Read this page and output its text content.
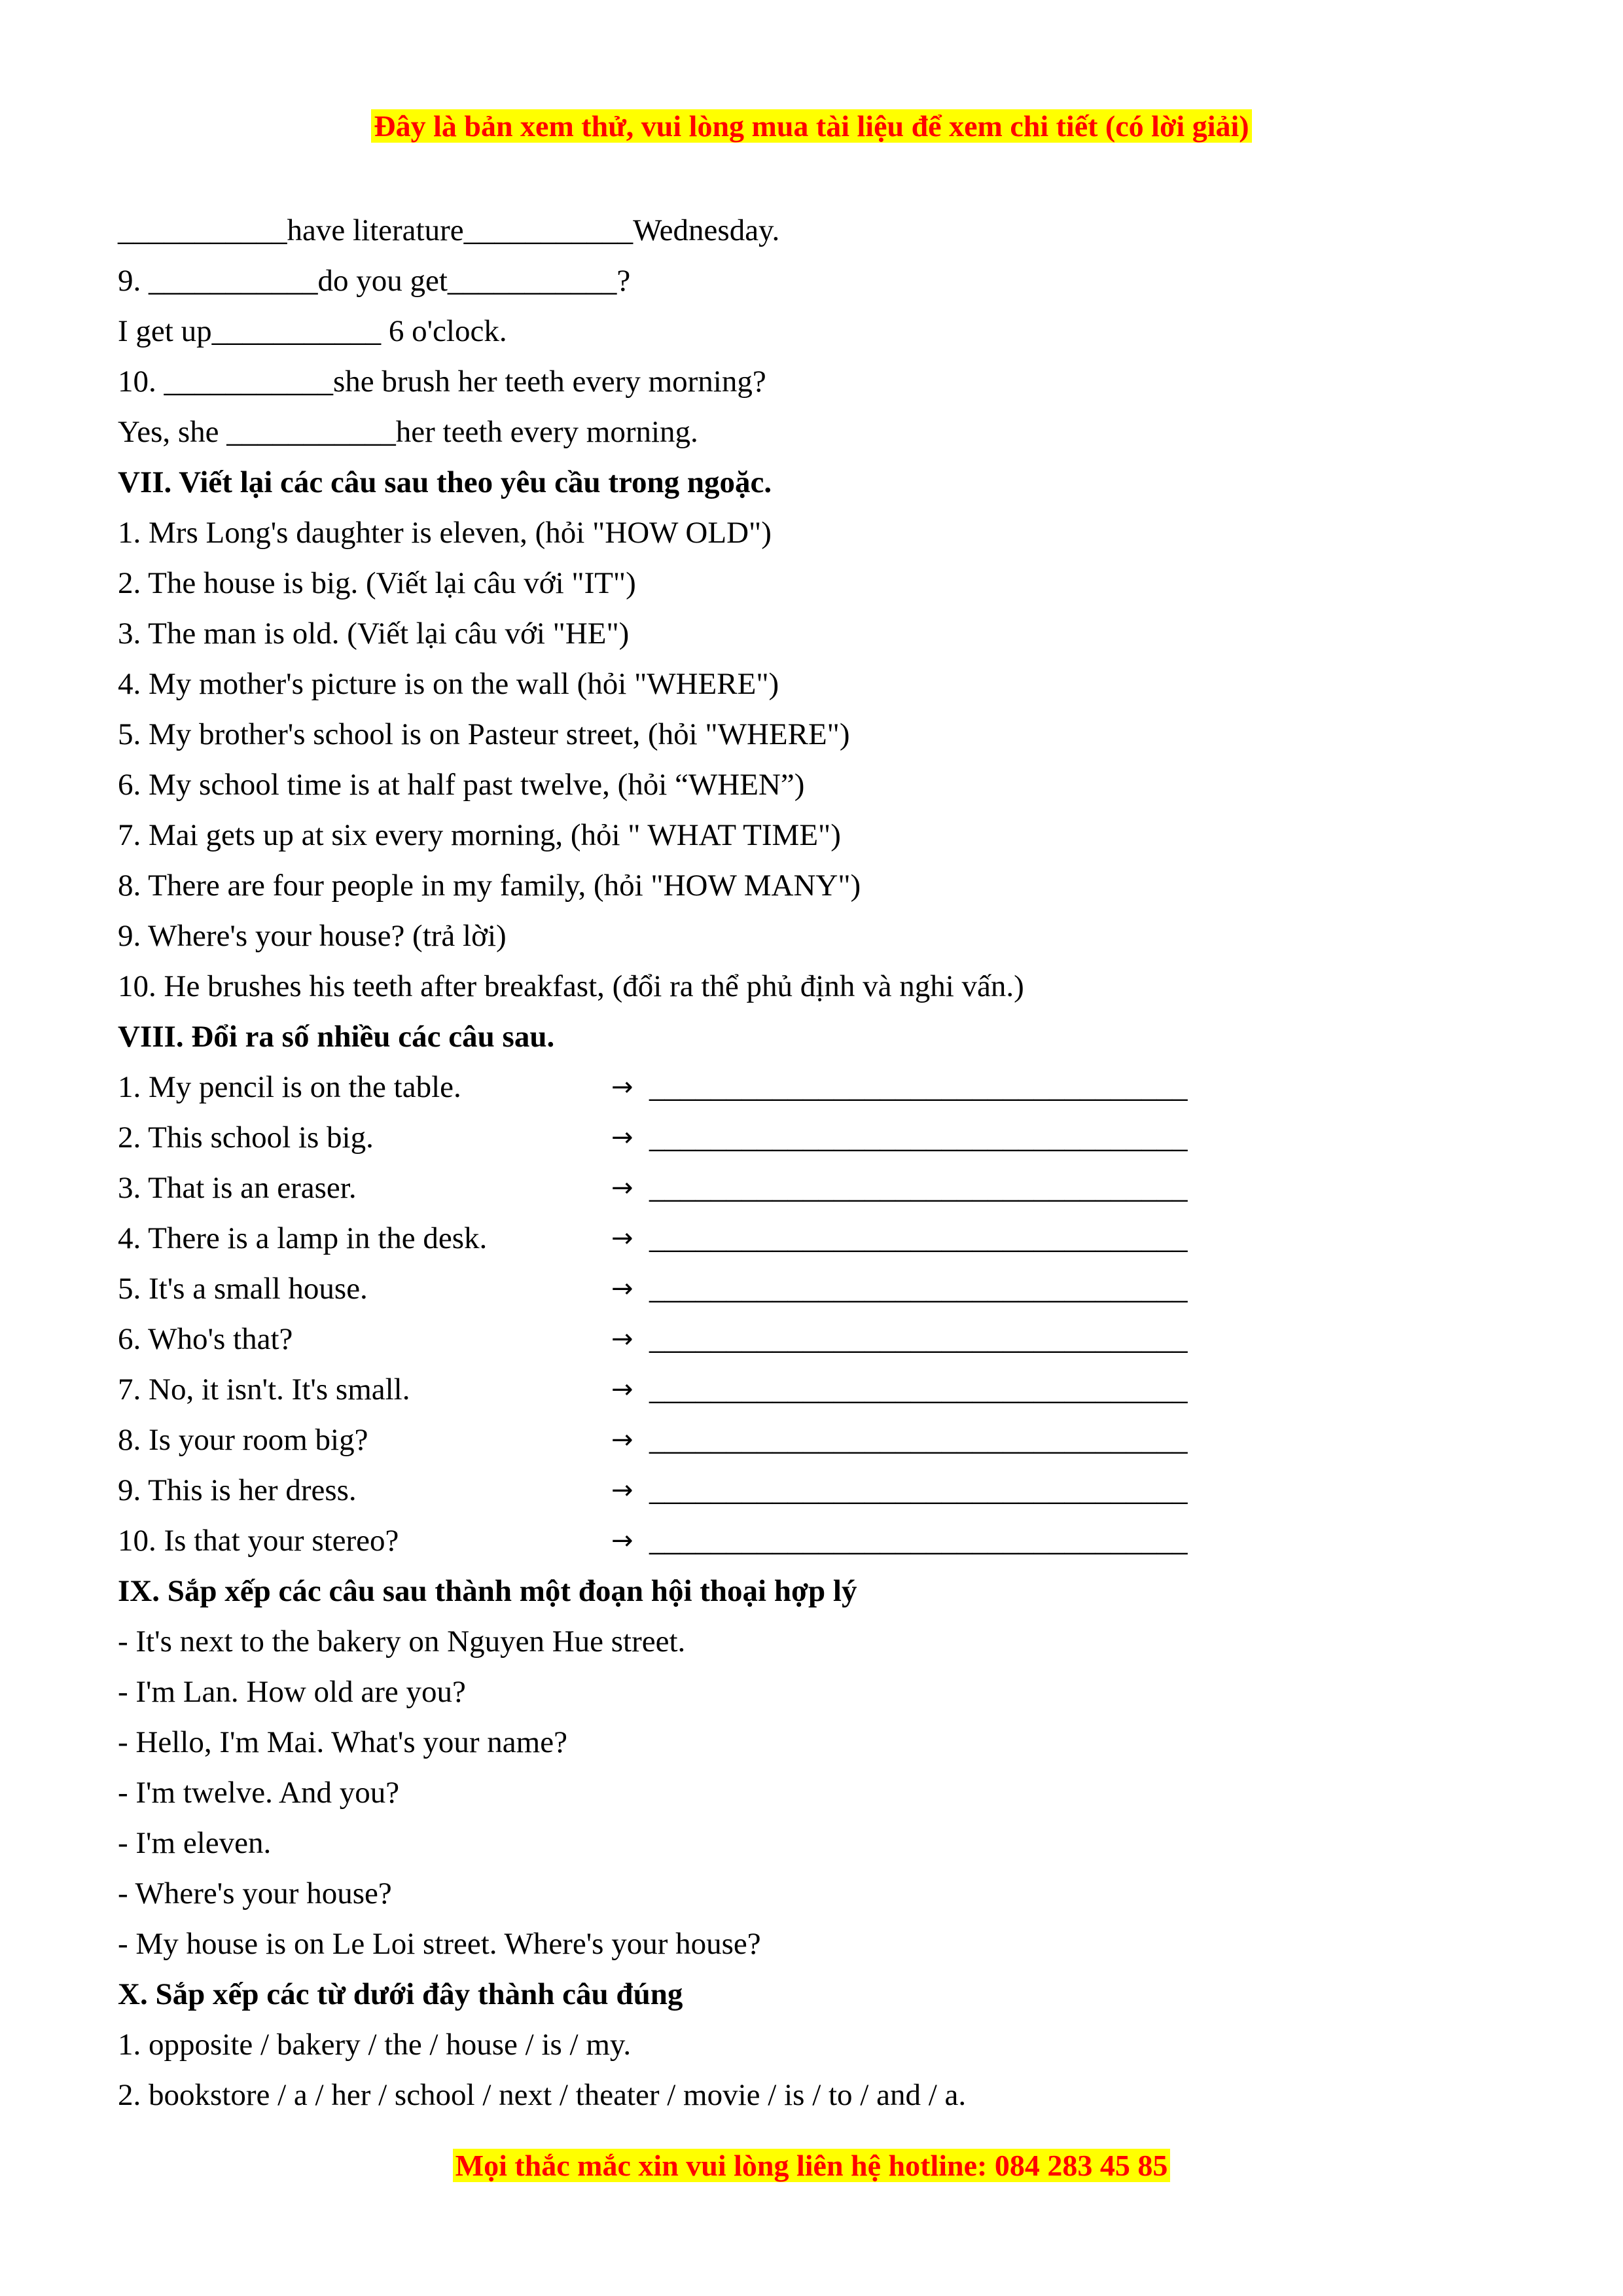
Đây là bản xem thử, vui lòng mua tài liệu để xem chi tiết (có lời giải)
___________have literature___________Wednesday.
9. ___________do you get___________?
I get up___________ 6 o'clock.
10. ___________she brush her teeth every morning?
Yes, she ___________her teeth every morning.
VII. Viết lại các câu sau theo yêu cầu trong ngoặc.
1. Mrs Long's daughter is eleven, (hỏi "HOW OLD")
2. The house is big. (Viết lại câu với "IT")
3. The man is old. (Viết lại câu với "HE")
4. My mother's picture is on the wall (hỏi "WHERE")
5. My brother's school is on Pasteur street, (hỏi "WHERE")
6. My school time is at half past twelve, (hỏi “WHEN”)
7. Mai gets up at six every morning, (hỏi " WHAT TIME")
8. There are four people in my family, (hỏi "HOW MANY")
9. Where's your house? (trả lời)
10. He brushes his teeth after breakfast, (đổi ra thể phủ định và nghi vấn.)
VIII. Đổi ra số nhiều các câu sau.
1. My pencil is on the table.	→ ___________________________________
2. This school is big.	→ ___________________________________
3. That is an eraser.	→ ___________________________________
4. There is a lamp in the desk.	→ ___________________________________
5. It's a small house.	→ ___________________________________
6. Who's that?	→ ___________________________________
7. No, it isn't. It's small.	→ ___________________________________
8. Is your room big?	→ ___________________________________
9. This is her dress.	→ ___________________________________
10. Is that your stereo?	→ ___________________________________
IX. Sắp xếp các câu sau thành một đoạn hội thoại hợp lý
- It's next to the bakery on Nguyen Hue street.
- I'm Lan. How old are you?
- Hello, I'm Mai. What's your name?
- I'm twelve. And you?
- I'm eleven.
- Where's your house?
- My house is on Le Loi street. Where's your house?
X. Sắp xếp các từ dưới đây thành câu đúng
1. opposite / bakery / the / house / is / my.
2. bookstore / a / her / school / next / theater / movie / is / to / and / a.
Mọi thắc mắc xin vui lòng liên hệ hotline: 084 283 45 85
